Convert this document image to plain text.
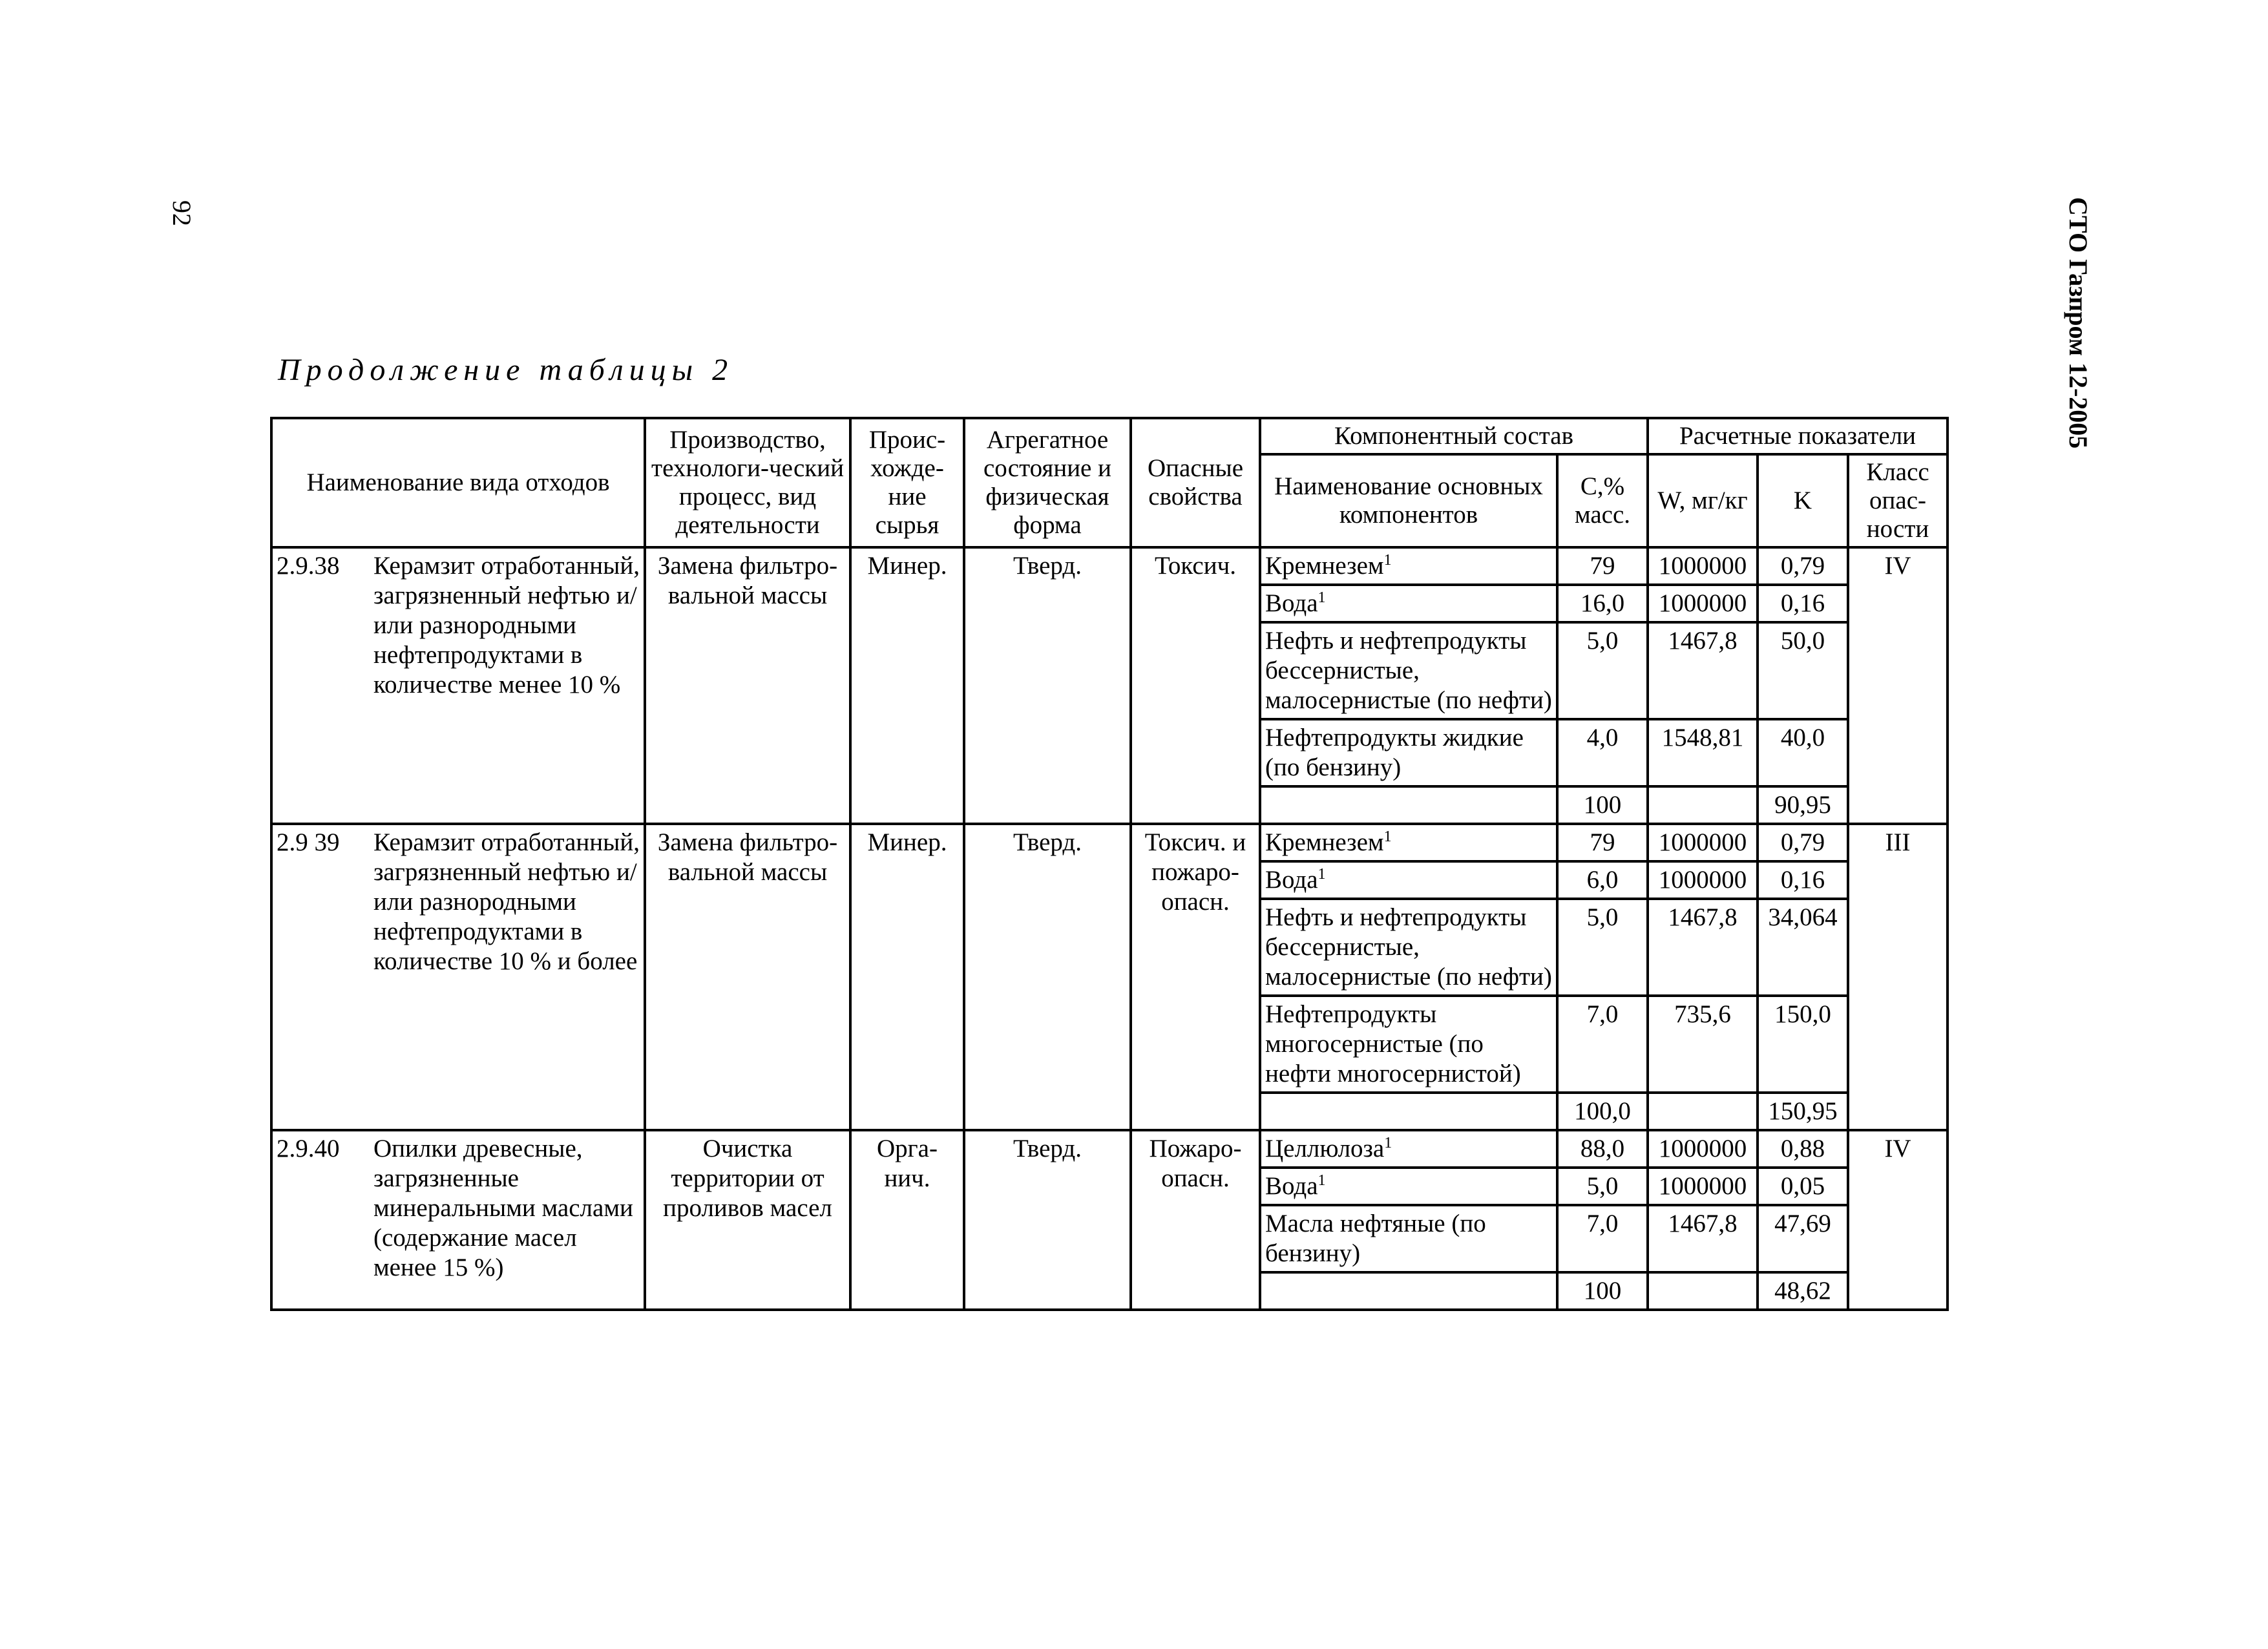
92	СТО Газпром 12-2005
Продолжение таблицы 2
Наименование вида отходов	Производство, технологи-ческий процесс, вид деятельности	Проис-хожде-ние сырья	Агрегатное состояние и физическая форма	Опасные свойства	Компонентный состав		Расчетные показатели		
					Наименование основных компонентов	С,% масс.	W, мг/кг	K	Класс опас-ности

2.9.38 Керамзит отработанный, загрязненный нефтью и/или разнородными нефтепродуктами в количестве менее 10 %	Замена фильтро-вальной массы	Минер.	Тверд.	Токсич.	Кремнезем$^1$	79	1000000	0,79	IV
					Вода$^1$	16,0	1000000	0,16	
					Нефть и нефтепродукты бессернистые, малосернистые (по нефти)	5,0	1467,8	50,0	
					Нефтепродукты жидкие (по бензину)	4,0	1548,81	40,0	
						100		90,95	

2.9 39 Керамзит отработанный, загрязненный нефтью и/или разнородными нефтепродуктами в количестве 10 % и более	Замена фильтро-вальной массы	Минер.	Тверд.	Токсич. и пожаро-опасн.	Кремнезем$^1$	79	1000000	0,79	III
					Вода$^1$	6,0	1000000	0,16	
					Нефть и нефтепродукты бессернистые, малосернистые (по нефти)	5,0	1467,8	34,064	
					Нефтепродукты многосернистые (по нефти многосернистой)	7,0	735,6	150,0	
						100,0		150,95	

2.9.40 Опилки древесные, загрязненные минеральными маслами (содержание масел менее 15 %)	Очистка территории от проливов масел	Орга-нич.	Тверд.	Пожаро-опасн.	Целлюлоза$^1$	88,0	1000000	0,88	IV
					Вода$^1$	5,0	1000000	0,05	
					Масла нефтяные (по бензину)	7,0	1467,8	47,69	
						100		48,62	
